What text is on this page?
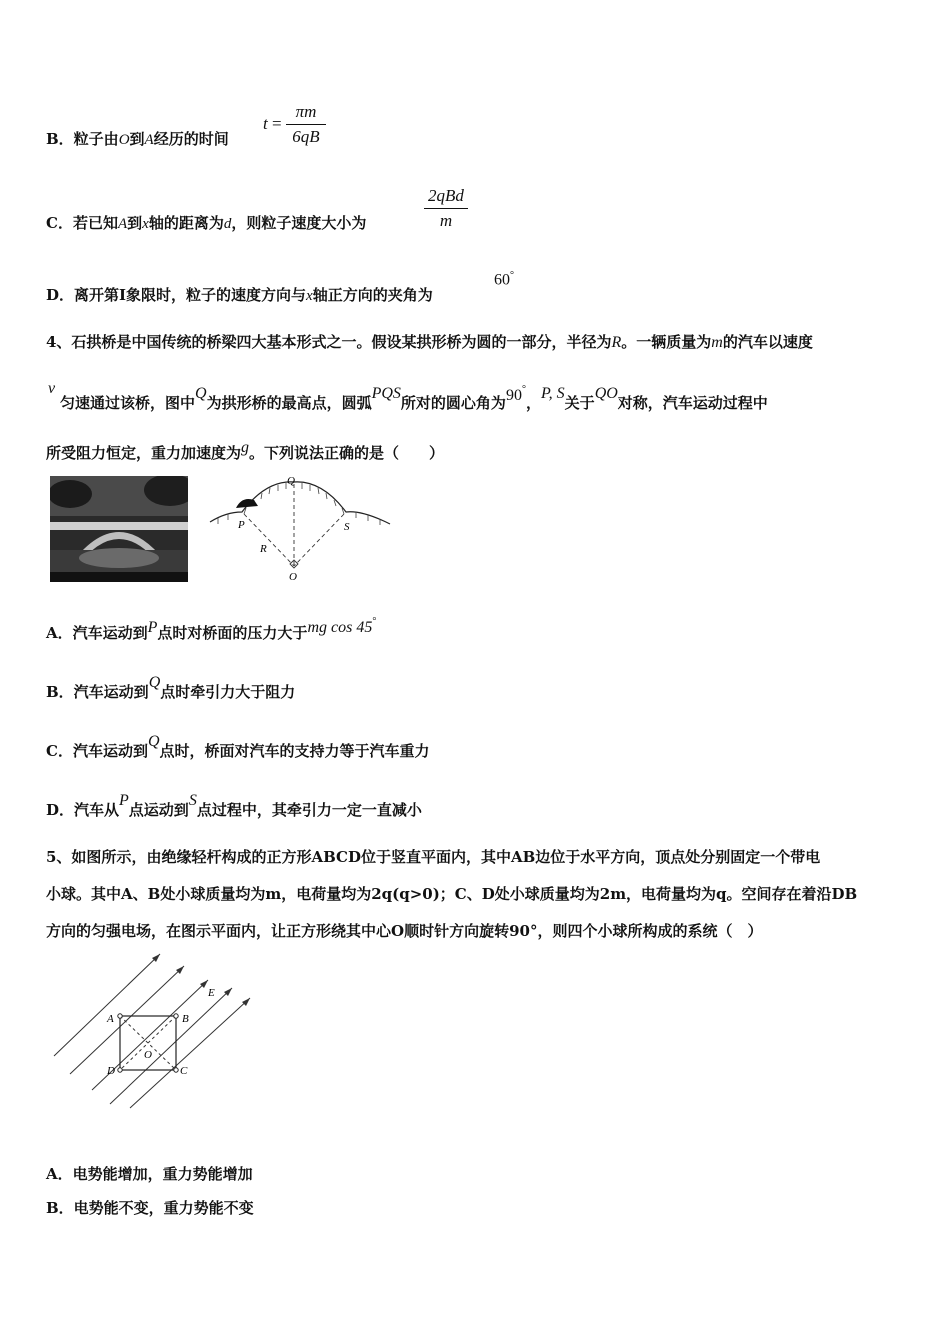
B．粒子由O到A经历的时间
t =
πm
6qB
C．若已知A到x轴的距离为d，则粒子速度大小为
2qBd
m
D．离开第Ⅰ象限时，粒子的速度方向与x轴正方向的夹角为
60°
4、石拱桥是中国传统的桥梁四大基本形式之一。假设某拱形桥为圆的一部分，半径为R。一辆质量为m的汽车以速度
v
匀速通过该桥，图中Q为拱形桥的最高点，圆弧PQS所对的圆心角为90°，P, S关于QO对称，汽车运动过程中
所受阻力恒定，重力加速度为g。下列说法正确的是（　　）
Q
P	S
R
O
A．汽车运动到P点时对桥面的压力大于mg cos 45°
B．汽车运动到Q点时牵引力大于阻力
C．汽车运动到Q点时，桥面对汽车的支持力等于汽车重力
D．汽车从P点运动到S点过程中，其牵引力一定一直减小
5、如图所示，由绝缘轻杆构成的正方形ABCD位于竖直平面内，其中AB边位于水平方向，顶点处分别固定一个带电
小球。其中A、B处小球质量均为m，电荷量均为2q(q>0)；C、D处小球质量均为2m，电荷量均为q。空间存在着沿DB
方向的匀强电场，在图示平面内，让正方形绕其中心O顺时针方向旋转90°，则四个小球所构成的系统（　）
E
A	B
C
D
O
A．电势能增加，重力势能增加
B．电势能不变，重力势能不变
